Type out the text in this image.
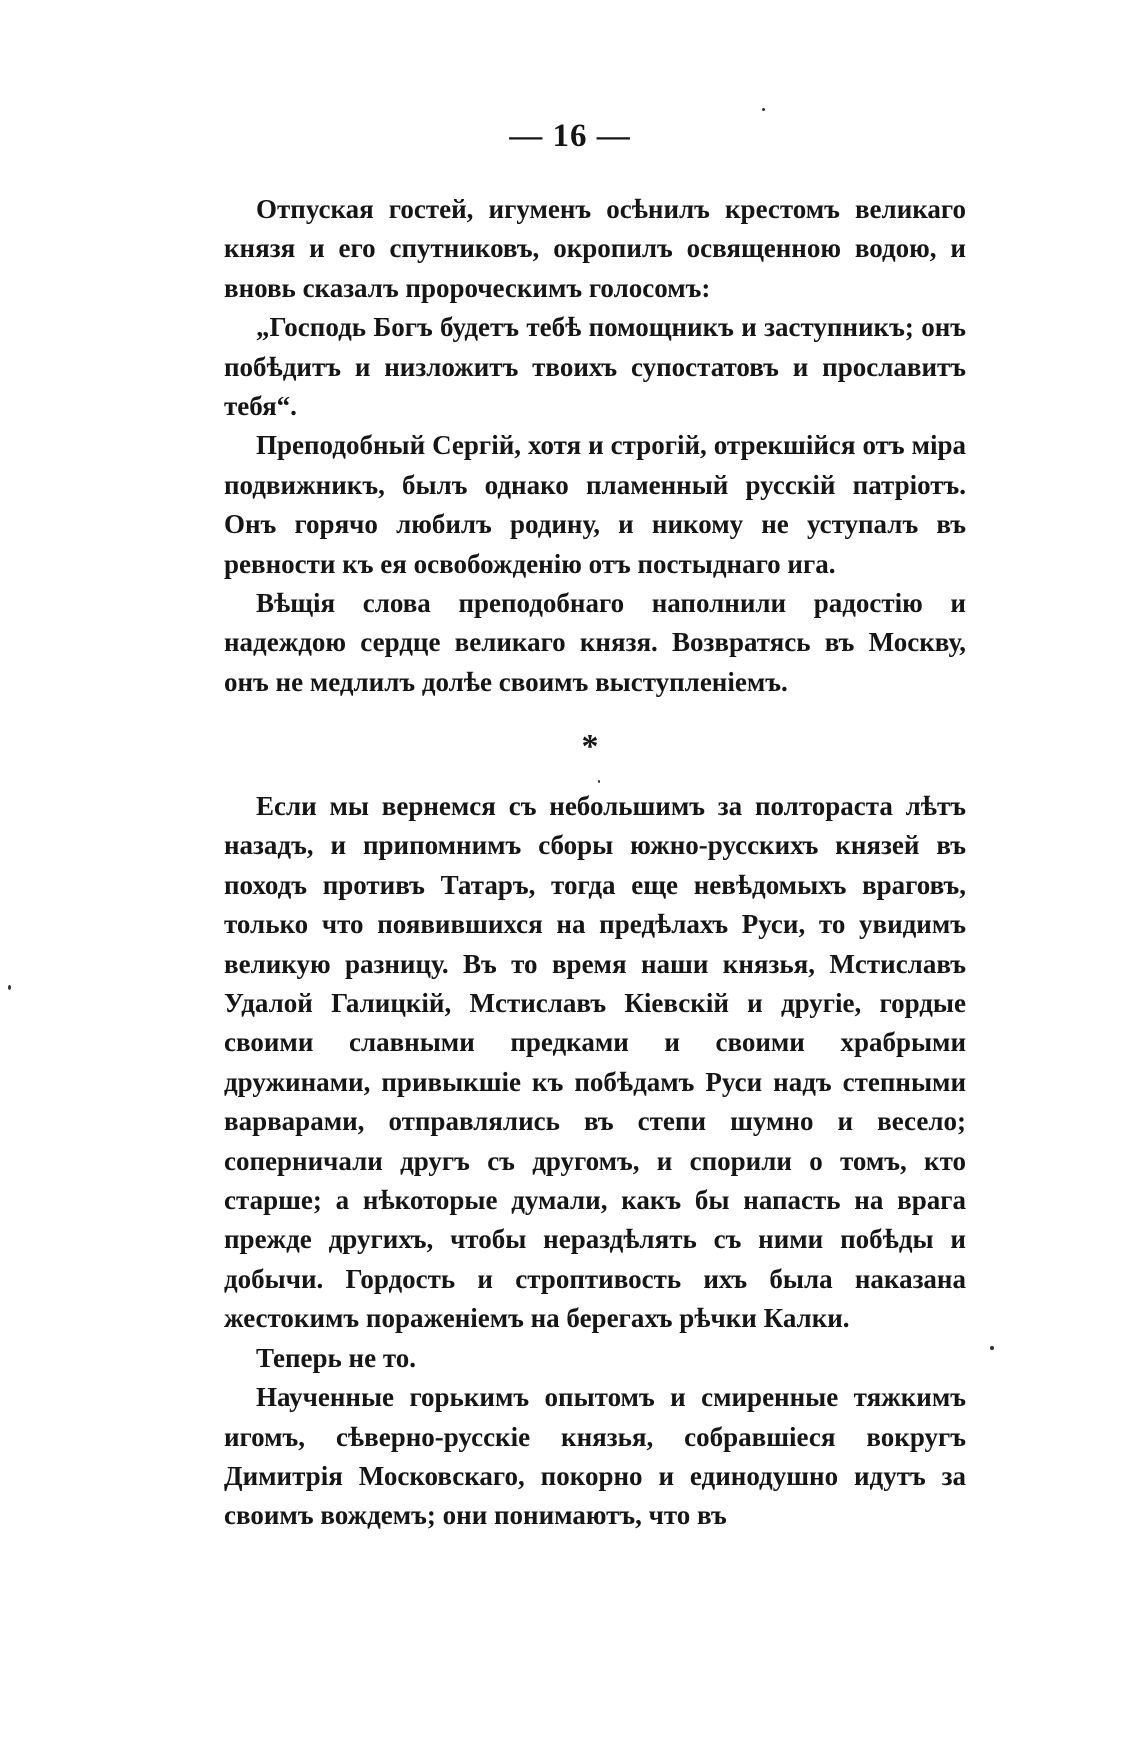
— 16 —

Отпуская гостей, игуменъ осѣнилъ крестомъ великаго князя и его спутниковъ, окропилъ освященною водою, и вновь сказалъ пророческимъ голосомъ:

„Господь Богъ будетъ тебѣ помощникъ и заступникъ; онъ побѣдитъ и низложитъ твоихъ супостатовъ и прославитъ тебя“.

Преподобный Сергій, хотя и строгій, отрекшійся отъ міра подвижникъ, былъ однако пламенный русскій патріотъ. Онъ горячо любилъ родину, и никому не уступалъ въ ревности къ ея освобожденію отъ постыднаго ига.

Вѣщія слова преподобнаго наполнили радостію и надеждою сердце великаго князя. Возвратясь въ Москву, онъ не медлилъ долѣе своимъ выступленіемъ.

*

Если мы вернемся съ небольшимъ за полтораста лѣтъ назадъ, и припомнимъ сборы южно-русскихъ князей въ походъ противъ Татаръ, тогда еще невѣдомыхъ враговъ, только что появившихся на предѣлахъ Руси, то увидимъ великую разницу. Въ то время наши князья, Мстиславъ Удалой Галицкій, Мстиславъ Кіевскій и другіе, гордые своими славными предками и своими храбрыми дружинами, привыкшіе къ побѣдамъ Руси надъ степными варварами, отправлялись въ степи шумно и весело; соперничали другъ съ другомъ, и спорили о томъ, кто старше; а нѣкоторые думали, какъ бы напасть на врага прежде другихъ, чтобы нераздѣлять съ ними побѣды и добычи. Гордость и строптивость ихъ была наказана жестокимъ пораженіемъ на берегахъ рѣчки Калки.

Теперь не то.

Наученные горькимъ опытомъ и смиренные тяжкимъ игомъ, сѣверно-русскіе князья, собравшіеся вокругъ Димитрія Московскаго, покорно и единодушно идутъ за своимъ вождемъ; они понимаютъ, что въ
